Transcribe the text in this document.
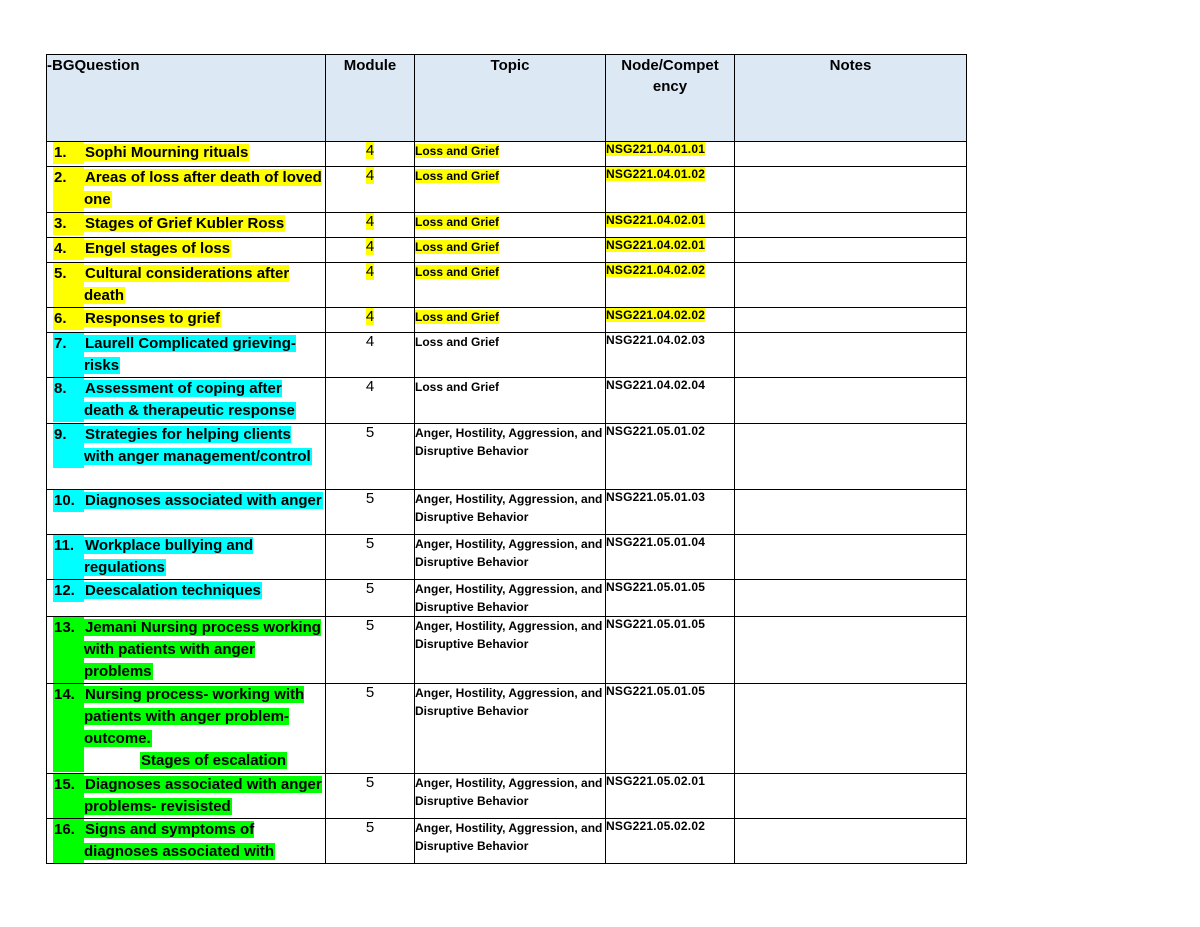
-BGQuestion	Module	Topic	Node/Compet ency	Notes

1. Sophi Mourning rituals	4	Loss and Grief	NSG221.04.01.01	

2. Areas of loss after death of loved one	4	Loss and Grief	NSG221.04.01.02	

3. Stages of Grief Kubler Ross	4	Loss and Grief	NSG221.04.02.01	

4. Engel stages of loss	4	Loss and Grief	NSG221.04.02.01	

5. Cultural considerations after death	4	Loss and Grief	NSG221.04.02.02	

6. Responses to grief	4	Loss and Grief	NSG221.04.02.02	

7. Laurell Complicated grieving- risks	4	Loss and Grief	NSG221.04.02.03	

8. Assessment of coping after death & therapeutic response	4	Loss and Grief	NSG221.04.02.04	

9. Strategies for helping clients with anger management/control	5	Anger, Hostility, Aggression, and Disruptive Behavior	NSG221.05.01.02	

10. Diagnoses associated with anger	5	Anger, Hostility, Aggression, and Disruptive Behavior	NSG221.05.01.03	

11. Workplace bullying and regulations	5	Anger, Hostility, Aggression, and Disruptive Behavior	NSG221.05.01.04	

12. Deescalation techniques	5	Anger, Hostility, Aggression, and Disruptive Behavior	NSG221.05.01.05	

13. Jemani Nursing process working with patients with anger problems	5	Anger, Hostility, Aggression, and Disruptive Behavior	NSG221.05.01.05	

14. Nursing process- working with patients with anger problem- outcome.
Stages of escalation	5	Anger, Hostility, Aggression, and Disruptive Behavior	NSG221.05.01.05	

15. Diagnoses associated with anger problems- revisisted	5	Anger, Hostility, Aggression, and Disruptive Behavior	NSG221.05.02.01	

16. Signs and symptoms of diagnoses associated with	5	Anger, Hostility, Aggression, and Disruptive Behavior	NSG221.05.02.02	
